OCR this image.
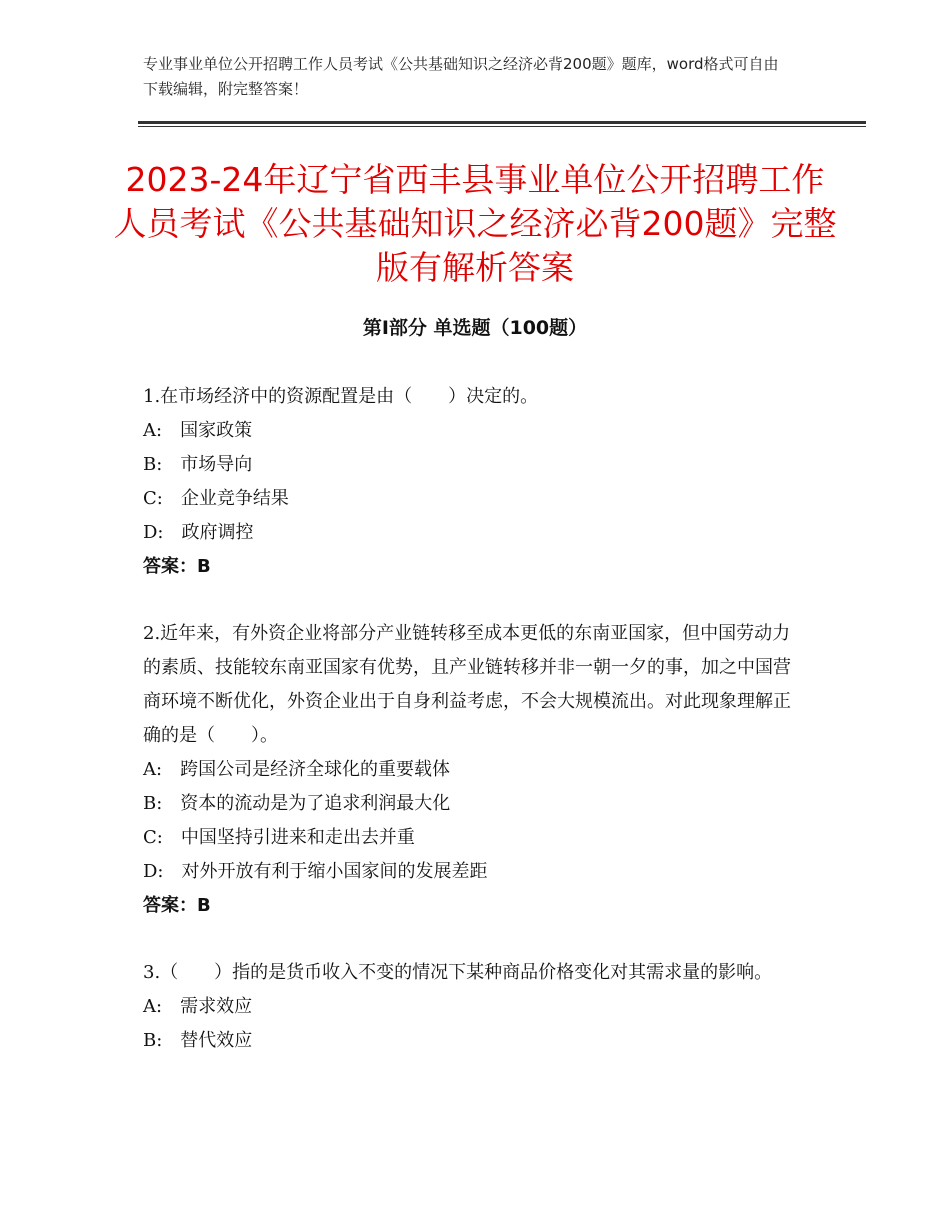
专业事业单位公开招聘工作人员考试《公共基础知识之经济必背200题》题库，word格式可自由下载编辑，附完整答案！
2023-24年辽宁省西丰县事业单位公开招聘工作人员考试《公共基础知识之经济必背200题》完整版有解析答案
第Ⅰ部分 单选题（100题）
1.在市场经济中的资源配置是由（　　）决定的。
A:　国家政策
B:　市场导向
C:　企业竞争结果
D:　政府调控
答案：B
2.近年来，有外资企业将部分产业链转移至成本更低的东南亚国家，但中国劳动力的素质、技能较东南亚国家有优势，且产业链转移并非一朝一夕的事，加之中国营商环境不断优化，外资企业出于自身利益考虑，不会大规模流出。对此现象理解正确的是（　　）。
A:　跨国公司是经济全球化的重要载体
B:　资本的流动是为了追求利润最大化
C:　中国坚持引进来和走出去并重
D:　对外开放有利于缩小国家间的发展差距
答案：B
3.（　　）指的是货币收入不变的情况下某种商品价格变化对其需求量的影响。
A:　需求效应
B:　替代效应
